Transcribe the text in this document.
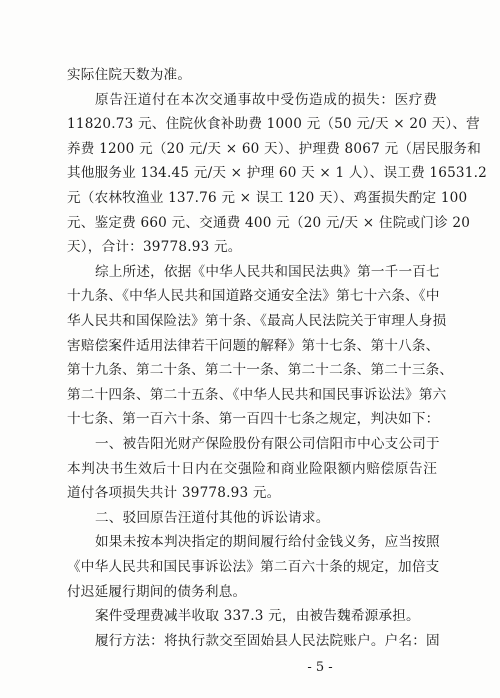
实际住院天数为准。
原告汪道付在本次交通事故中受伤造成的损失：医疗费
11820.73 元、住院伙食补助费 1000 元（50 元/天 × 20 天）、营
养费 1200 元（20 元/天 × 60 天）、护理费 8067 元（居民服务和
其他服务业 134.45 元/天 × 护理 60 天 × 1 人）、误工费 16531.2
元（农林牧渔业 137.76 元 × 误工 120 天）、鸡蛋损失酌定 100
元、鉴定费 660 元、交通费 400 元（20 元/天 × 住院或门诊 20
天），合计：39778.93 元。
综上所述，依据《中华人民共和国民法典》第一千一百七
十九条、《中华人民共和国道路交通安全法》第七十六条、《中
华人民共和国保险法》第十条、《最高人民法院关于审理人身损
害赔偿案件适用法律若干问题的解释》第十七条、第十八条、
第十九条、第二十条、第二十一条、第二十二条、第二十三条、
第二十四条、第二十五条、《中华人民共和国民事诉讼法》第六
十七条、第一百六十条、第一百四十七条之规定，判决如下：
一、被告阳光财产保险股份有限公司信阳市中心支公司于
本判决书生效后十日内在交强险和商业险限额内赔偿原告汪
道付各项损失共计 39778.93 元。
二、驳回原告汪道付其他的诉讼请求。
如果未按本判决指定的期间履行给付金钱义务，应当按照
《中华人民共和国民事诉讼法》第二百六十条的规定，加倍支
付迟延履行期间的债务利息。
案件受理费减半收取 337.3 元，由被告魏希源承担。
履行方法：将执行款交至固始县人民法院账户。户名：固
- 5 -
